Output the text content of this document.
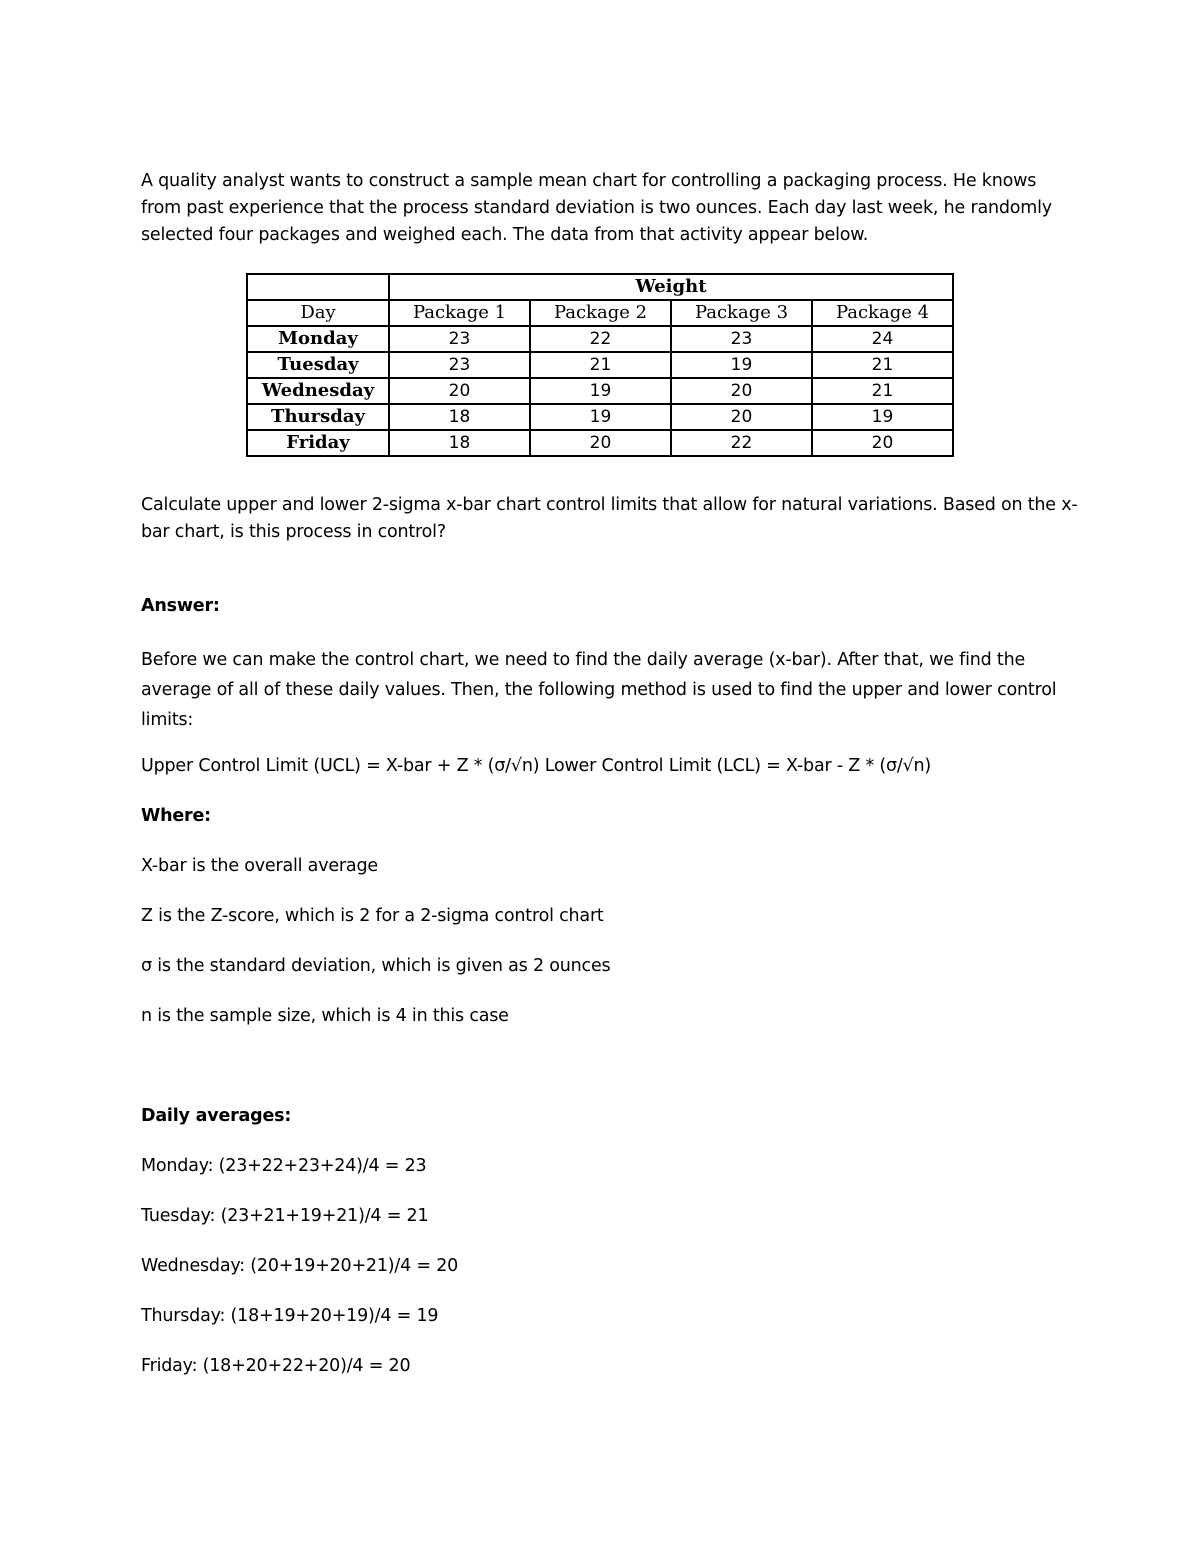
A quality analyst wants to construct a sample mean chart for controlling a packaging process. He knows from past experience that the process standard deviation is two ounces. Each day last week, he randomly selected four packages and weighed each. The data from that activity appear below.

	Weight			
Day	Package 1	Package 2	Package 3	Package 4
Monday	23	22	23	24
Tuesday	23	21	19	21
Wednesday	20	19	20	21
Thursday	18	19	20	19
Friday	18	20	22	20

Calculate upper and lower 2-sigma x-bar chart control limits that allow for natural variations. Based on the x-bar chart, is this process in control?

Answer:

Before we can make the control chart, we need to find the daily average (x-bar). After that, we find the average of all of these daily values. Then, the following method is used to find the upper and lower control limits:

Upper Control Limit (UCL) = X-bar + Z * (σ/√n) Lower Control Limit (LCL) = X-bar - Z * (σ/√n)

Where:

X-bar is the overall average

Z is the Z-score, which is 2 for a 2-sigma control chart

σ is the standard deviation, which is given as 2 ounces

n is the sample size, which is 4 in this case

Daily averages:

Monday: (23+22+23+24)/4 = 23

Tuesday: (23+21+19+21)/4 = 21

Wednesday: (20+19+20+21)/4 = 20

Thursday: (18+19+20+19)/4 = 19

Friday: (18+20+22+20)/4 = 20
